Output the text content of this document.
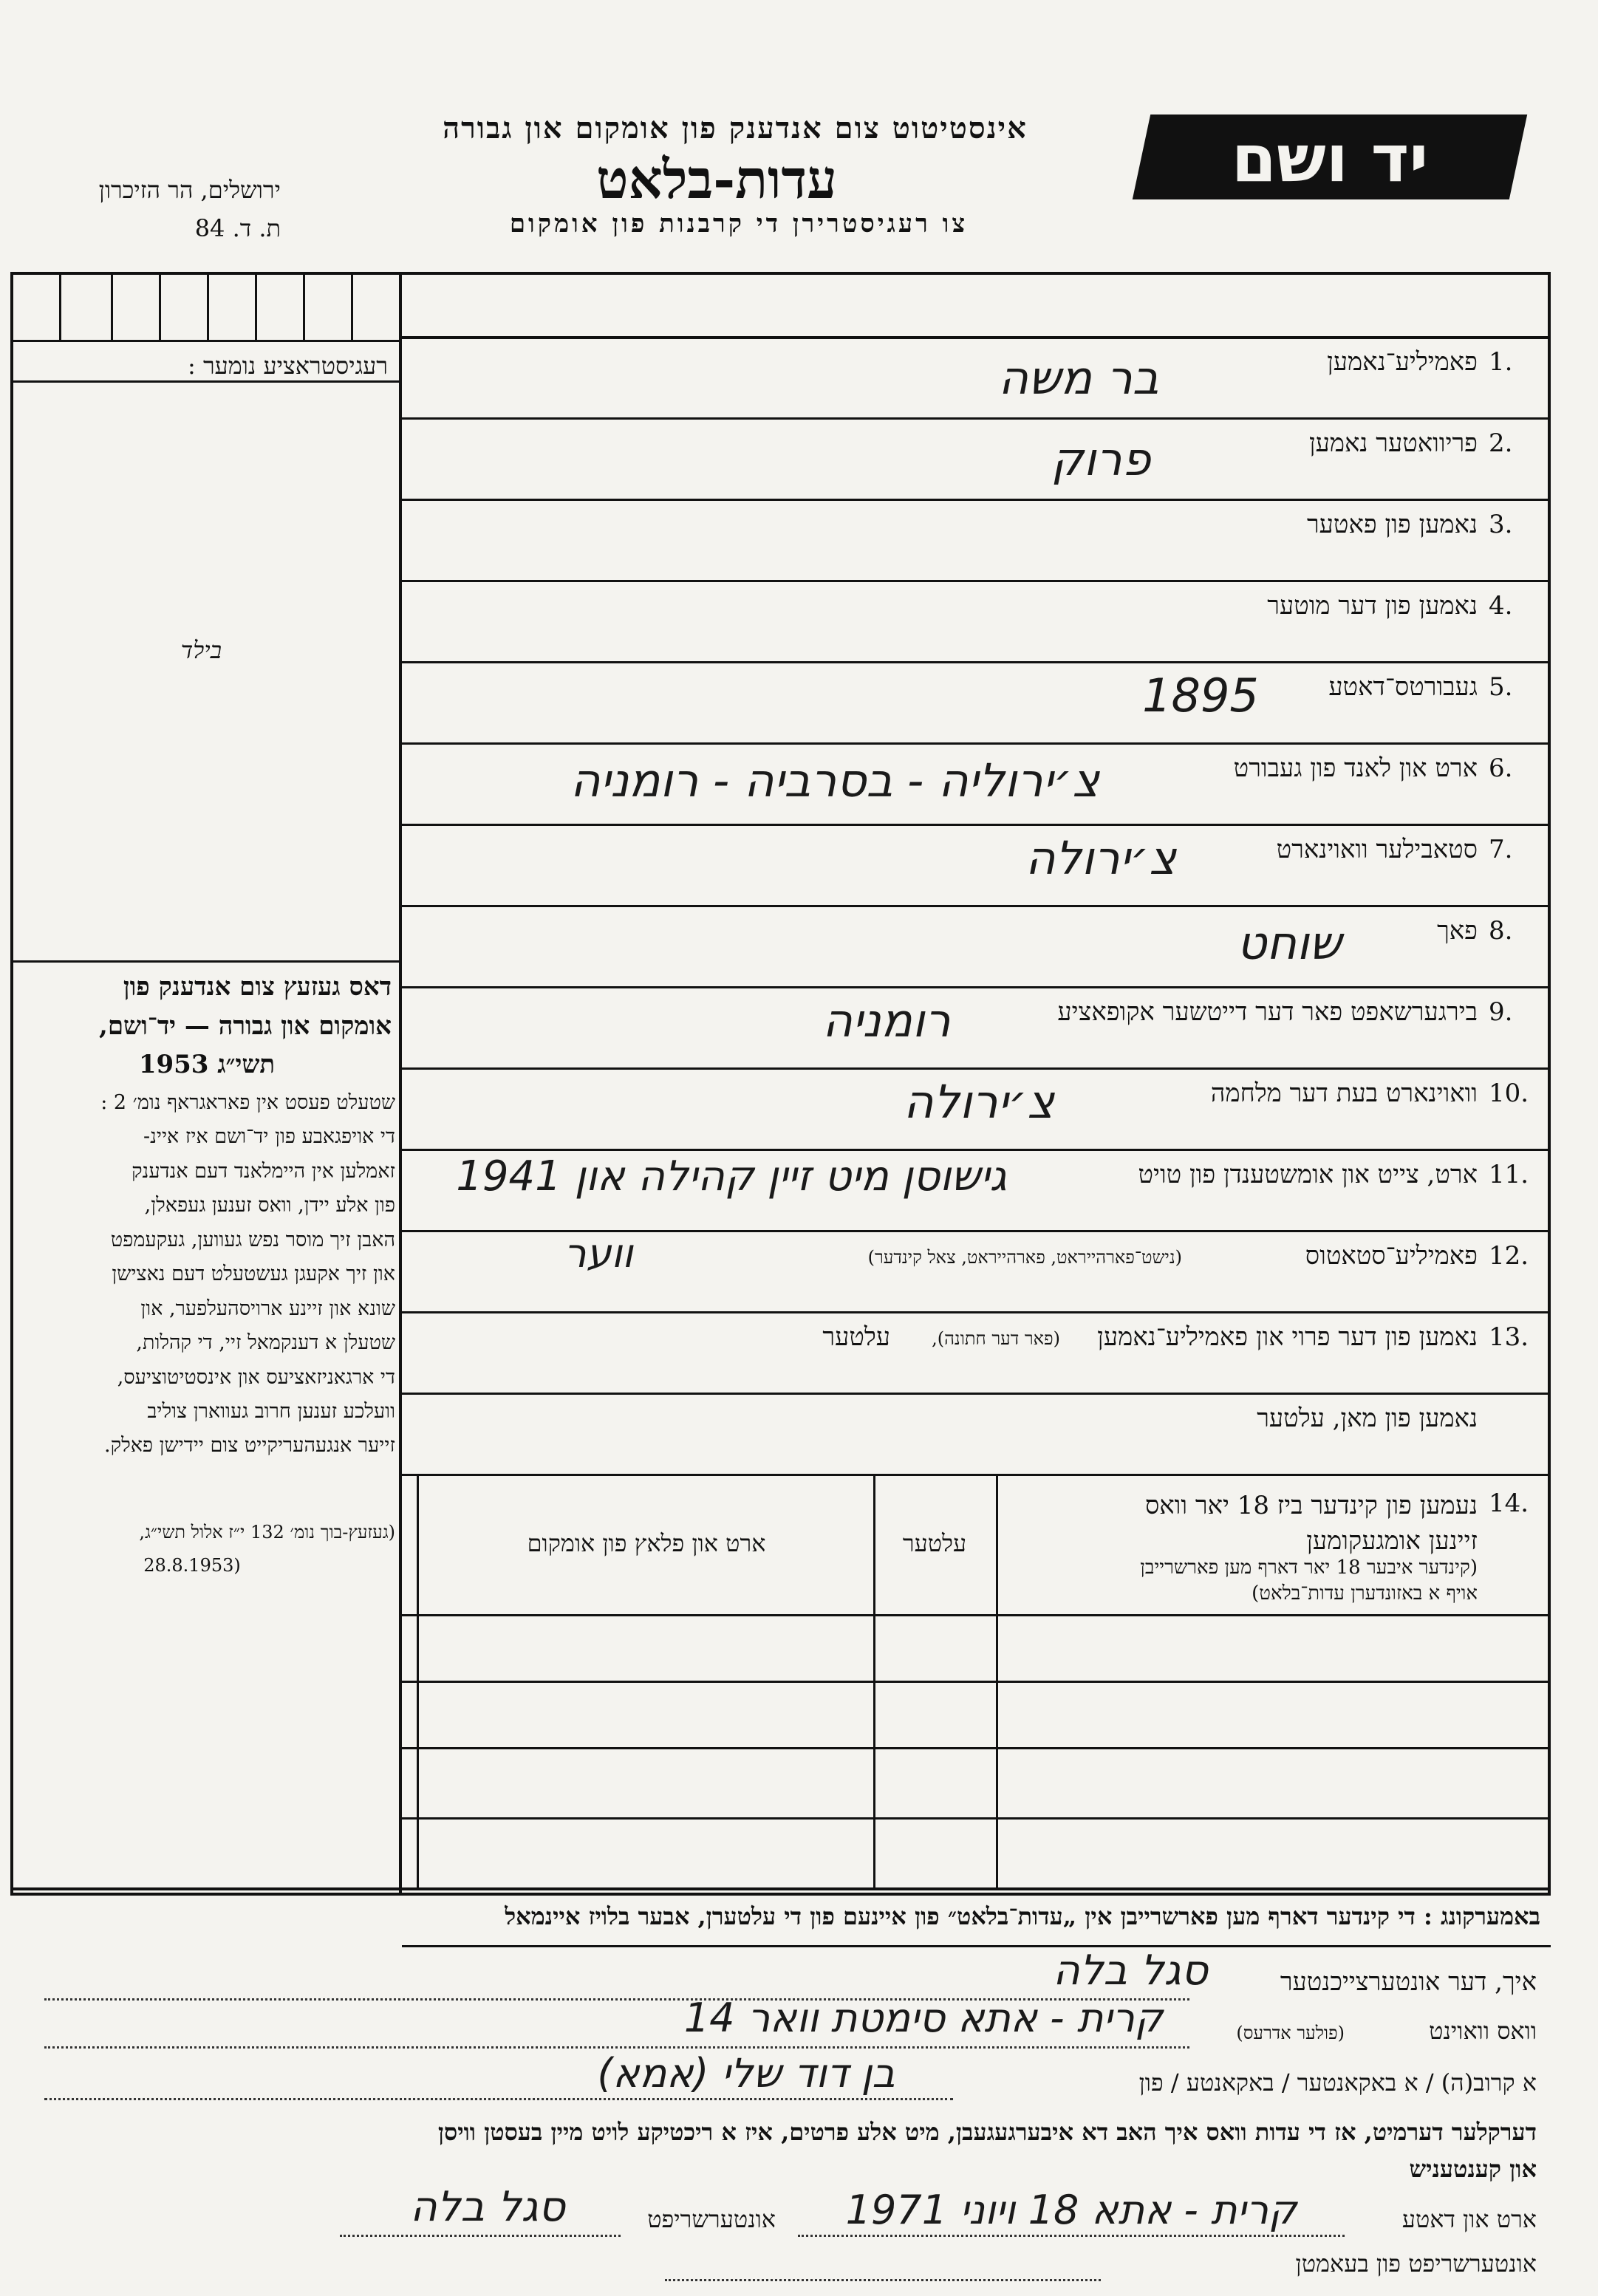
יד ושם
אינסטיטוט צום אנדענק פון אומקום און גבורה
עדות-בלאט
צו רעגיסטרירן די קרבנות פון אומקום
ירושלים, הר הזיכרון
ת. ד. 84
רעגיסטראציע נומער :
בילד
דאס געזעץ צום אנדענק פון
אומקום און גבורה — יד־ושם,
תשי״ג 1953
שטעלט פעסט אין פאראגראף נומ׳ 2 :
די אויפגאבע פון יד־ושם איז איינ-
זאמלען אין היימלאנד דעם אנדענק
פון אלע יידן, וואס זענען געפאלן,
האבן זיך מוסר נפש געווען, געקעמפט
און זיך אקעגן געשטעלט דעם נאצישן
שונא און זיינע ארויסהעלפער, און
שטעלן א דענקמאל זיי, די קהלות,
די ארגאניזאציעס און אינסטיטוציעס,
וועלכע זענען חרוב געווארן צוליב
זייער אנגעהעריקייט צום יידישן פאלק.
(געזעץ-בוך נומ׳ 132 י״ז אלול תשי״ג,
(28.8.1953
1.
פאמיליע־נאמען
בר משה
2.
פריוואטער נאמען
פרוק
3.
נאמען פון פאטער
4.
נאמען פון דער מוטער
5.
געבורטס־דאטע
1895
6.
ארט און לאנד פון געבורט
צ׳ירוליה - בסרביה - רומניה
7.
סטאבילער וואוינארט
צ׳ירולה
8.
פאך
שוחט
9.
בירגערשאפט פאר דער דייטשער אקופאציע
רומניה
10.
וואוינארט בעת דער מלחמה
צ׳ירולה
11.
ארט, צייט און אומשטענדן פון טויט
גישוסן מיט זיין קהילה און 1941
12.
פאמיליע־סטאטוס
(נישט־פארהייראט, פארהייראט, צאל קינדער)
ווער
13.
נאמען פון דער פרוי און פאמיליע־נאמען
(פאר דער חתונה),
עלטער
נאמען פון מאן, עלטער
14.
נעמען פון קינדער ביז 18 יאר וואס
זיינען אומגעקומען
(קינדער איבער 18 יאר דארף מען פארשרייבן
אויף א באזונדערן עדות־בלאט)
עלטער
ארט און פלאץ פון אומקום
באמערקונג : די קינדער דארף מען פארשרייבן אין „עדות־בלאט״ פון איינעם פון די עלטערן, אבער בלויז איינמאל
איך, דער אונטערצייכנטער
סגל בלה
וואס וואוינט
(פולער אדרעס)
קרית - אתא סימטת וואר 14
א קרוב(ה) / א באקאנטער / באקאנטע / פון
בן דוד שלי (אמא)
דערקלער דערמיט, אז די עדות וואס איך האב דא איבערגעגעבן, מיט אלע פרטים, איז א ריכטיקע לויט מיין בעסטן וויסן
און קענטעניש
ארט און דאטע
קרית - אתא 18 ויוני 1971
אונטערשריפט
סגל בלה
אונטערשריפט פון בעאמטן
